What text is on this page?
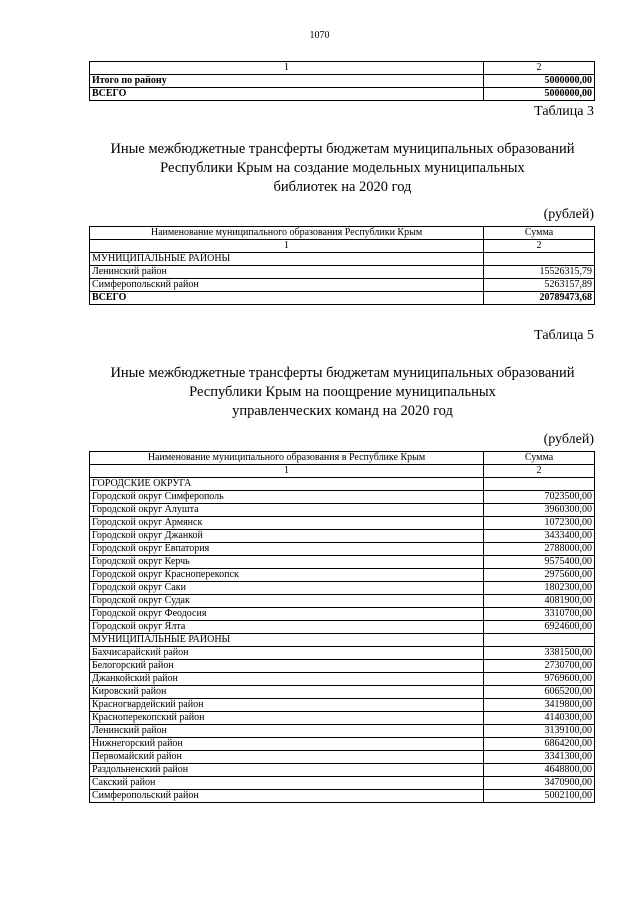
1070
1	2
Итого по району	5000000,00
ВСЕГО	5000000,00
Таблица 3
Иные межбюджетные трансферты бюджетам муниципальных образований
Республики Крым на создание модельных муниципальных
библиотек на 2020 год
(рублей)
Наименование муниципального образования Республики Крым	Сумма
1	2
МУНИЦИПАЛЬНЫЕ РАЙОНЫ	
Ленинский район	15526315,79
Симферопольский район	5263157,89
ВСЕГО	20789473,68
Таблица 5
Иные межбюджетные трансферты бюджетам муниципальных образований
Республики Крым на поощрение муниципальных
управленческих команд на 2020 год
(рублей)
Наименование муниципального образования в Республике Крым	Сумма
1	2
ГОРОДСКИЕ ОКРУГА	
Городской округ Симферополь	7023500,00
Городской округ Алушта	3960300,00
Городской округ Армянск	1072300,00
Городской округ Джанкой	3433400,00
Городской округ Евпатория	2788000,00
Городской округ Керчь	9575400,00
Городской округ Красноперекопск	2975600,00
Городской округ Саки	1802300,00
Городской округ Судак	4081900,00
Городской округ Феодосия	3310700,00
Городской округ Ялта	6924600,00
МУНИЦИПАЛЬНЫЕ РАЙОНЫ	
Бахчисарайский район	3381500,00
Белогорский район	2730700,00
Джанкойский район	9769600,00
Кировский район	6065200,00
Красногвардейский район	3419800,00
Красноперекопский район	4140300,00
Ленинский район	3139100,00
Нижнегорский район	6864200,00
Первомайский район	3341300,00
Раздольненский район	4648800,00
Сакский район	3470900,00
Симферопольский район	5002100,00
